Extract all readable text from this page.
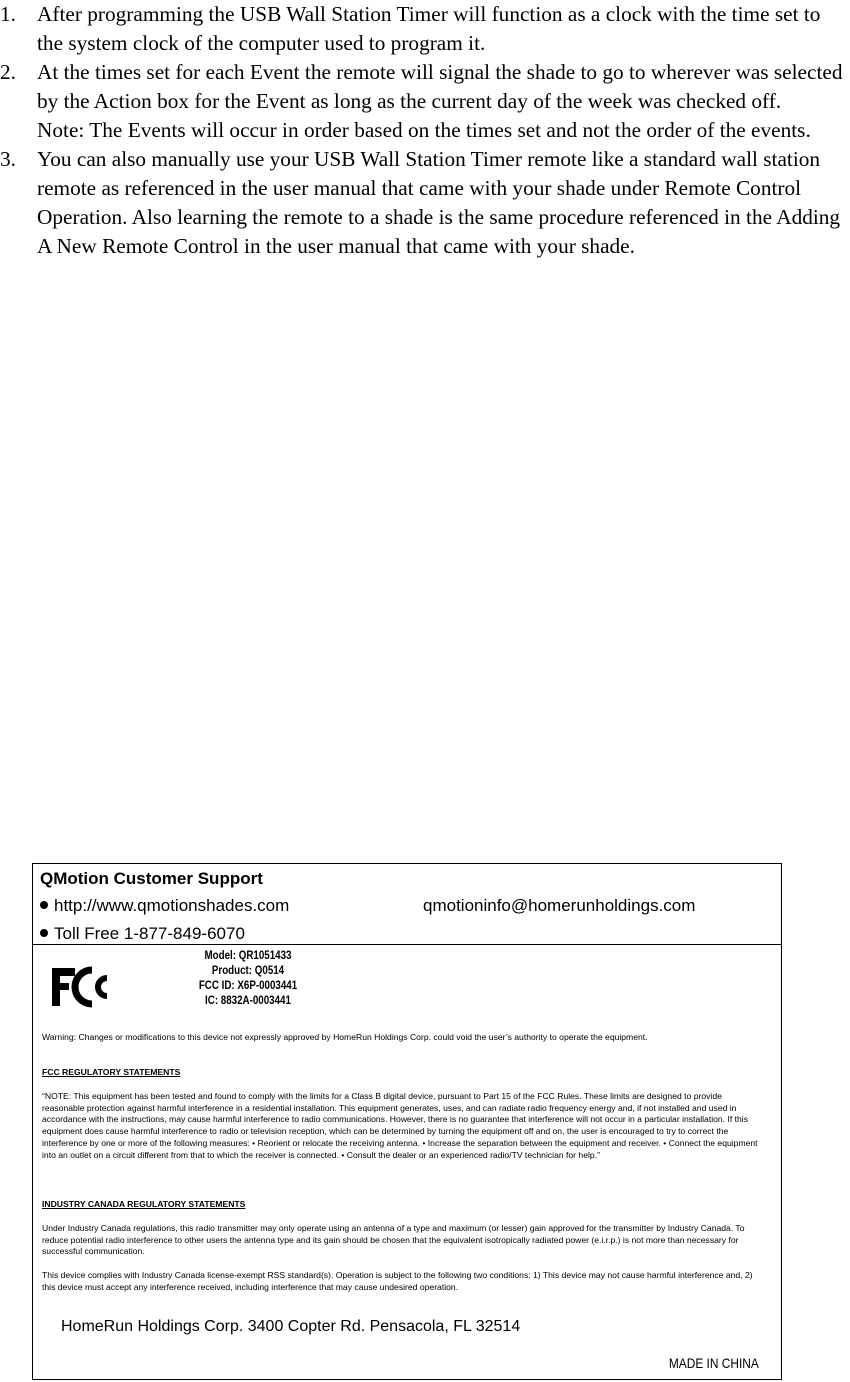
1. After programming the USB Wall Station Timer will function as a clock with the time set to the system clock of the computer used to program it.

2. At the times set for each Event the remote will signal the shade to go to wherever was selected by the Action box for the Event as long as the current day of the week was checked off.

Note: The Events will occur in order based on the times set and not the order of the events.

3. You can also manually use your USB Wall Station Timer remote like a standard wall station remote as referenced in the user manual that came with your shade under Remote Control Operation. Also learning the remote to a shade is the same procedure referenced in the Adding A New Remote Control in the user manual that came with your shade.

QMotion Customer Support
http://www.qmotionshades.com	qmotioninfo@homerunholdings.com
Toll Free 1-877-849-6070
FC
Model: QR1051433
Product: Q0514
FCC ID: X6P-0003441
IC: 8832A-0003441

Warning: Changes or modifications to this device not expressly approved by HomeRun Holdings Corp. could void the user’s authority to operate the equipment.

FCC REGULATORY STATEMENTS

“NOTE: This equipment has been tested and found to comply with the limits for a Class B digital device, pursuant to Part 15 of the FCC Rules. These limits are designed to provide reasonable protection against harmful interference in a residential installation. This equipment generates, uses, and can radiate radio frequency energy and, if not installed and used in accordance with the instructions, may cause harmful interference to radio communications. However, there is no guarantee that interference will not occur in a particular installation. If this equipment does cause harmful interference to radio or television reception, which can be determined by turning the equipment off and on, the user is encouraged to try to correct the interference by one or more of the following measures: • Reorient or relocate the receiving antenna. • Increase the separation between the equipment and receiver. • Connect the equipment into an outlet on a circuit different from that to which the receiver is connected. • Consult the dealer or an experienced radio/TV technician for help.”

INDUSTRY CANADA REGULATORY STATEMENTS

Under Industry Canada regulations, this radio transmitter may only operate using an antenna of a type and maximum (or lesser) gain approved for the transmitter by Industry Canada. To reduce potential radio interference to other users the antenna type and its gain should be chosen that the equivalent isotropically radiated power (e.i.r.p.) is not more than necessary for successful communication.

This device complies with Industry Canada license-exempt RSS standard(s). Operation is subject to the following two conditions: 1) This device may not cause harmful interference and, 2) this device must accept any interference received, including interference that may cause undesired operation.

HomeRun Holdings Corp. 3400 Copter Rd. Pensacola, FL 32514
MADE IN CHINA
